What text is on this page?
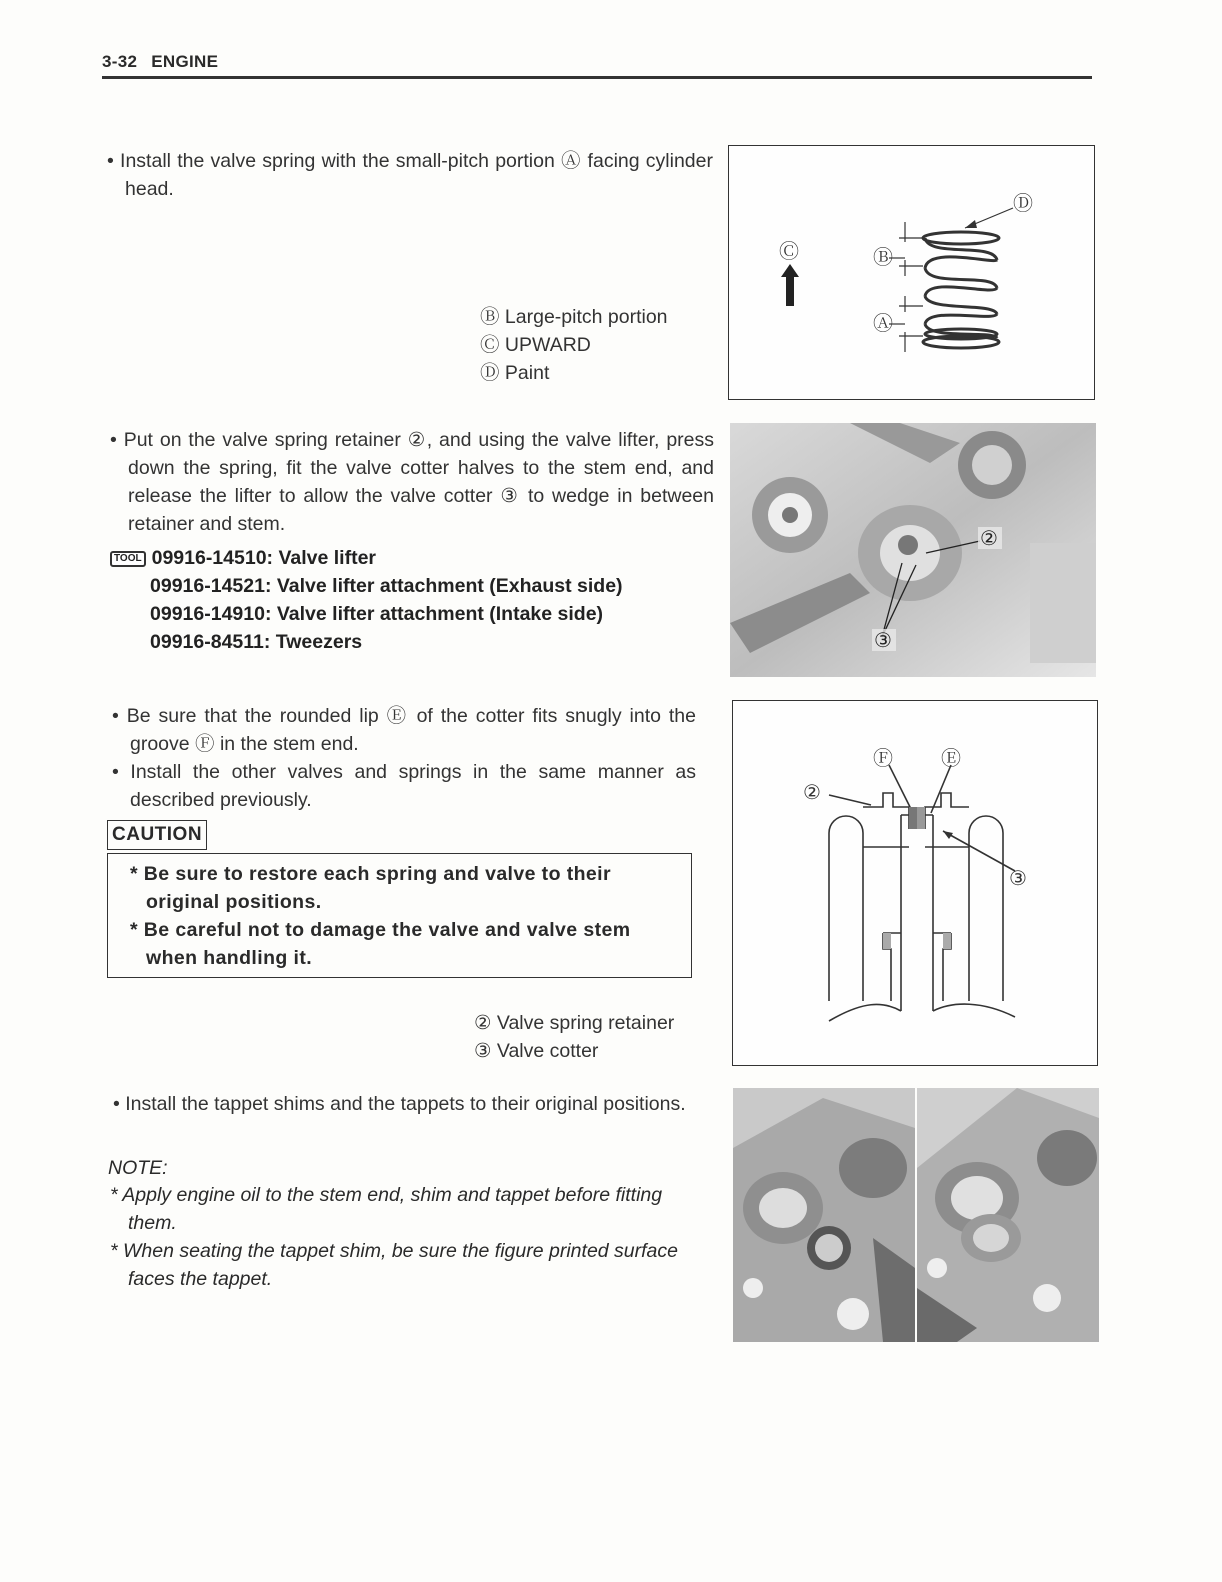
3-32 ENGINE
• Install the valve spring with the small-pitch portion Ⓐ facing cylinder head.
Ⓑ Large-pitch portion
Ⓒ UPWARD
Ⓓ Paint
Ⓒ
Ⓓ
Ⓑ
Ⓐ
• Put on the valve spring retainer ②, and using the valve lifter, press down the spring, fit the valve cotter halves to the stem end, and release the lifter to allow the valve cotter ③ to wedge in between retainer and stem.
TOOL 09916-14510: Valve lifter
09916-14521: Valve lifter attachment (Exhaust side)
09916-14910: Valve lifter attachment (Intake side)
09916-84511: Tweezers
②
③
• Be sure that the rounded lip Ⓔ of the cotter fits snugly into the groove Ⓕ in the stem end.
• Install the other valves and springs in the same manner as described previously.
CAUTION
* Be sure to restore each spring and valve to their original positions.
* Be careful not to damage the valve and valve stem when handling it.
② Valve spring retainer
③ Valve cotter
Ⓕ Ⓔ
②
③
• Install the tappet shims and the tappets to their original positions.
NOTE:
* Apply engine oil to the stem end, shim and tappet before fitting them.
* When seating the tappet shim, be sure the figure printed surface faces the tappet.
